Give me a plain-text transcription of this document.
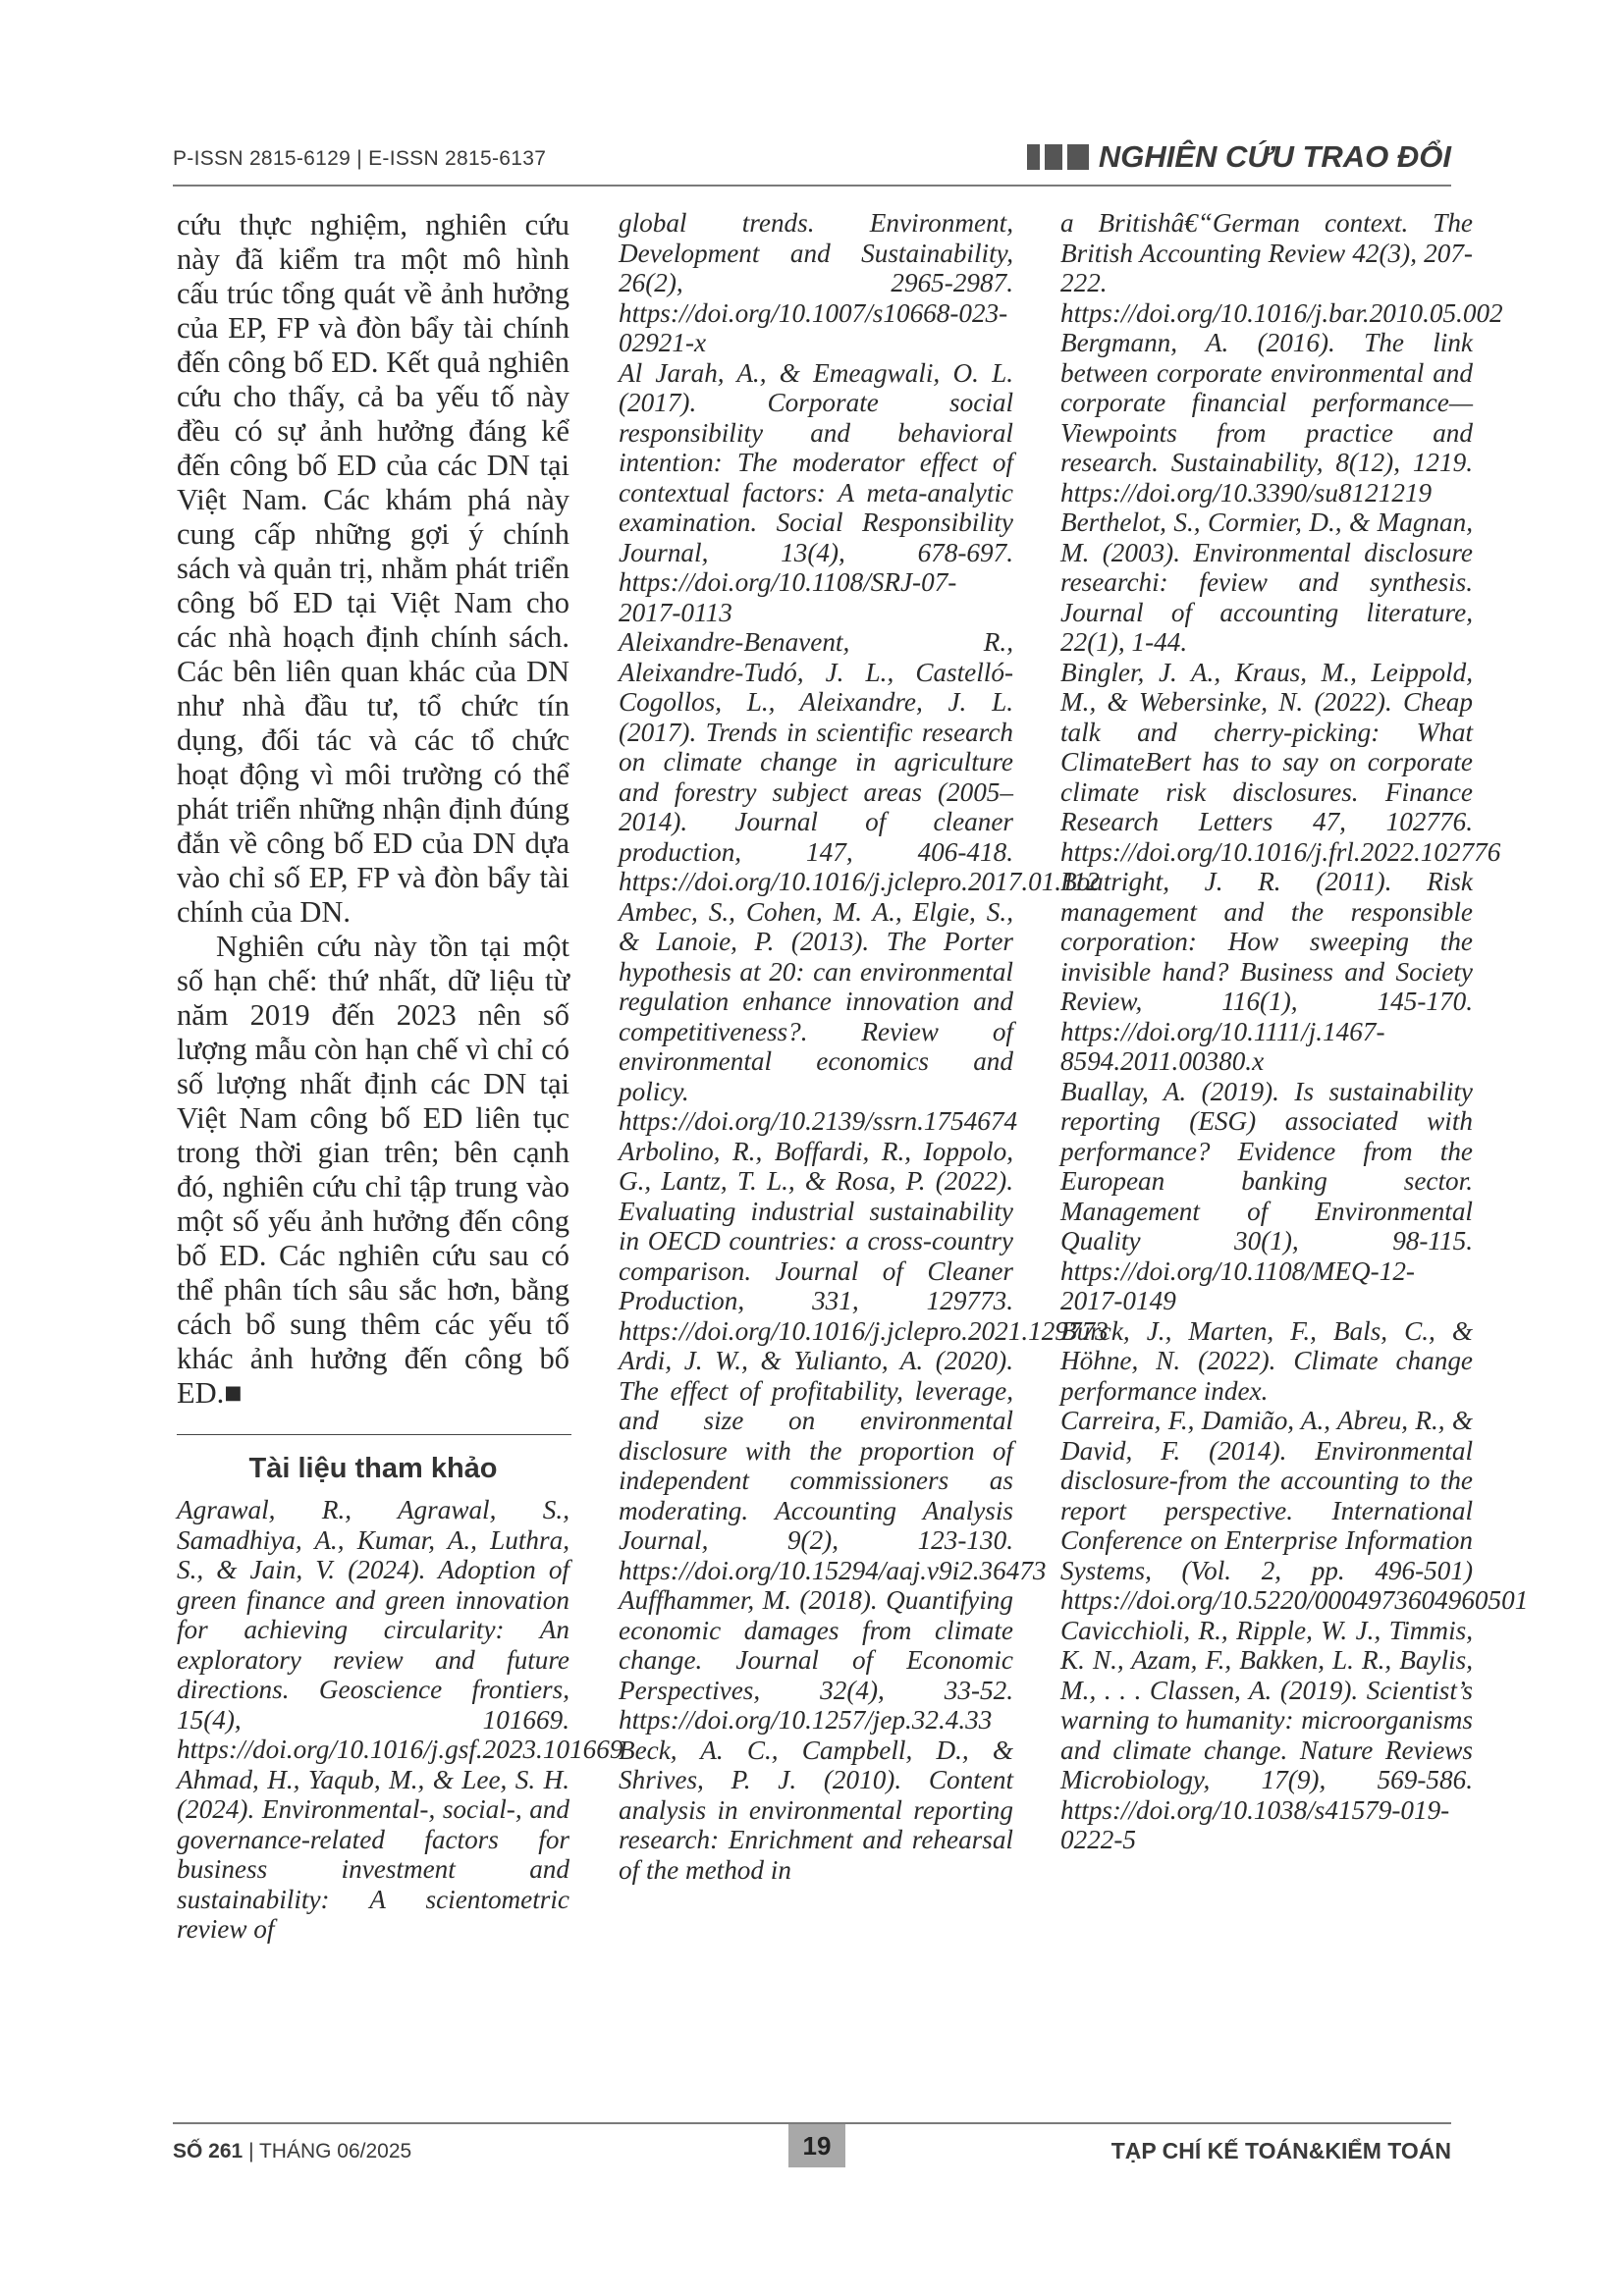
P-ISSN 2815-6129 | E-ISSN 2815-6137	NGHIÊN CỨU TRAO ĐỔI

cứu thực nghiệm, nghiên cứu này đã kiểm tra một mô hình cấu trúc tổng quát về ảnh hưởng của EP, FP và đòn bẩy tài chính đến công bố ED. Kết quả nghiên cứu cho thấy, cả ba yếu tố này đều có sự ảnh hưởng đáng kể đến công bố ED của các DN tại Việt Nam. Các khám phá này cung cấp những gợi ý chính sách và quản trị, nhằm phát triển công bố ED tại Việt Nam cho các nhà hoạch định chính sách. Các bên liên quan khác của DN như nhà đầu tư, tổ chức tín dụng, đối tác và các tổ chức hoạt động vì môi trường có thể phát triển những nhận định đúng đắn về công bố ED của DN dựa vào chỉ số EP, FP và đòn bẩy tài chính của DN.

Nghiên cứu này tồn tại một số hạn chế: thứ nhất, dữ liệu từ năm 2019 đến 2023 nên số lượng mẫu còn hạn chế vì chỉ có số lượng nhất định các DN tại Việt Nam công bố ED liên tục trong thời gian trên; bên cạnh đó, nghiên cứu chỉ tập trung vào một số yếu ảnh hưởng đến công bố ED. Các nghiên cứu sau có thể phân tích sâu sắc hơn, bằng cách bổ sung thêm các yếu tố khác ảnh hưởng đến công bố ED.■

Tài liệu tham khảo

Agrawal, R., Agrawal, S., Samadhiya, A., Kumar, A., Luthra, S., & Jain, V. (2024). Adoption of green finance and green innovation for achieving circularity: An exploratory review and future directions. Geoscience frontiers, 15(4), 101669. https://doi.org/10.1016/j.gsf.2023.101669

Ahmad, H., Yaqub, M., & Lee, S. H. (2024). Environmental-, social-, and governance-related factors for business investment and sustainability: A scientometric review of

global trends. Environment, Development and Sustainability, 26(2), 2965-2987. https://doi.org/10.1007/s10668-023-02921-x

Al Jarah, A., & Emeagwali, O. L. (2017). Corporate social responsibility and behavioral intention: The moderator effect of contextual factors: A meta-analytic examination. Social Responsibility Journal, 13(4), 678-697. https://doi.org/10.1108/SRJ-07-2017-0113

Aleixandre-Benavent, R., Aleixandre-Tudó, J. L., Castelló-Cogollos, L., Aleixandre, J. L. (2017). Trends in scientific research on climate change in agriculture and forestry subject areas (2005–2014). Journal of cleaner production, 147, 406-418. https://doi.org/10.1016/j.jclepro.2017.01.112

Ambec, S., Cohen, M. A., Elgie, S., & Lanoie, P. (2013). The Porter hypothesis at 20: can environmental regulation enhance innovation and competitiveness?. Review of environmental economics and policy. https://doi.org/10.2139/ssrn.1754674

Arbolino, R., Boffardi, R., Ioppolo, G., Lantz, T. L., & Rosa, P. (2022). Evaluating industrial sustainability in OECD countries: a cross-country comparison. Journal of Cleaner Production, 331, 129773. https://doi.org/10.1016/j.jclepro.2021.129773

Ardi, J. W., & Yulianto, A. (2020). The effect of profitability, leverage, and size on environmental disclosure with the proportion of independent commissioners as moderating. Accounting Analysis Journal, 9(2), 123-130. https://doi.org/10.15294/aaj.v9i2.36473

Auffhammer, M. (2018). Quantifying economic damages from climate change. Journal of Economic Perspectives, 32(4), 33-52. https://doi.org/10.1257/jep.32.4.33

Beck, A. C., Campbell, D., & Shrives, P. J. (2010). Content analysis in environmental reporting research: Enrichment and rehearsal of the method in

a Britishâ€“German context. The British Accounting Review 42(3), 207-222. https://doi.org/10.1016/j.bar.2010.05.002

Bergmann, A. (2016). The link between corporate environmental and corporate financial performance—Viewpoints from practice and research. Sustainability, 8(12), 1219. https://doi.org/10.3390/su8121219

Berthelot, S., Cormier, D., & Magnan, M. (2003). Environmental disclosure researchi: feview and synthesis. Journal of accounting literature, 22(1), 1-44.

Bingler, J. A., Kraus, M., Leippold, M., & Webersinke, N. (2022). Cheap talk and cherry-picking: What ClimateBert has to say on corporate climate risk disclosures. Finance Research Letters 47, 102776. https://doi.org/10.1016/j.frl.2022.102776

Boatright, J. R. (2011). Risk management and the responsible corporation: How sweeping the invisible hand? Business and Society Review, 116(1), 145-170. https://doi.org/10.1111/j.1467-8594.2011.00380.x

Buallay, A. (2019). Is sustainability reporting (ESG) associated with performance? Evidence from the European banking sector. Management of Environmental Quality 30(1), 98-115. https://doi.org/10.1108/MEQ-12-2017-0149

Burck, J., Marten, F., Bals, C., & Höhne, N. (2022). Climate change performance index.

Carreira, F., Damião, A., Abreu, R., & David, F. (2014). Environmental disclosure-from the accounting to the report perspective. International Conference on Enterprise Information Systems, (Vol. 2, pp. 496-501) https://doi.org/10.5220/0004973604960501

Cavicchioli, R., Ripple, W. J., Timmis, K. N., Azam, F., Bakken, L. R., Baylis, M., . . . Classen, A. (2019). Scientist’s warning to humanity: microorganisms and climate change. Nature Reviews Microbiology, 17(9), 569-586. https://doi.org/10.1038/s41579-019-0222-5

SỐ 261 | THÁNG 06/2025	19	TẠP CHÍ KẾ TOÁN&KIỂM TOÁN
